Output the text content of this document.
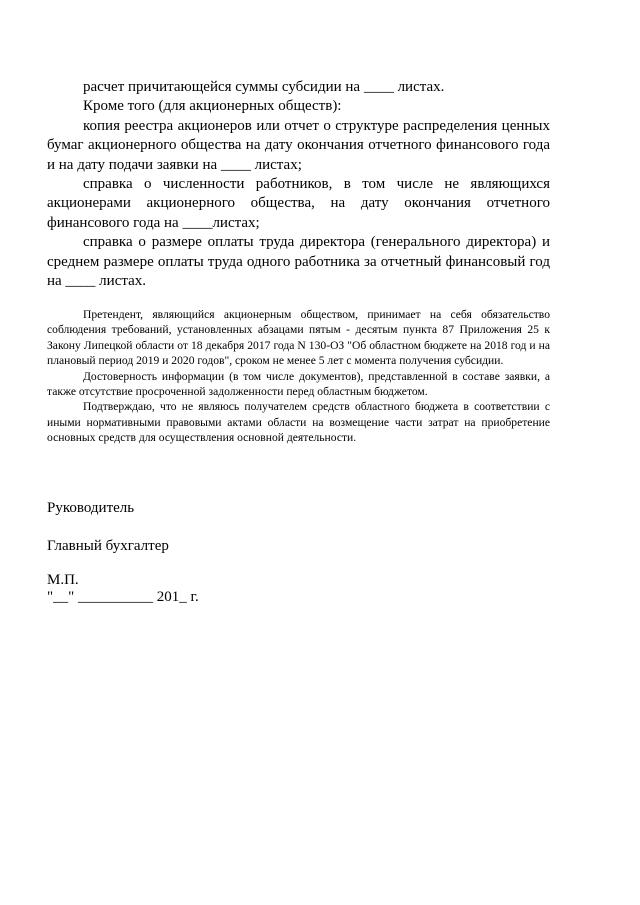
расчет причитающейся суммы субсидии на ____ листах.

Кроме того (для акционерных обществ):

копия реестра акционеров или отчет о структуре распределения ценных бумаг акционерного общества на дату окончания отчетного финансового года и на дату подачи заявки на ____ листах;

справка о численности работников, в том числе не являющихся акционерами акционерного общества, на дату окончания отчетного финансового года на ____листах;

справка о размере оплаты труда директора (генерального директора) и среднем размере оплаты труда одного работника за отчетный финансовый год на ____ листах.

Претендент, являющийся акционерным обществом, принимает на себя обязательство соблюдения требований, установленных абзацами пятым - десятым пункта 87 Приложения 25 к Закону Липецкой области от 18 декабря 2017 года N 130-ОЗ "Об областном бюджете на 2018 год и на плановый период 2019 и 2020 годов", сроком не менее 5 лет с момента получения субсидии.

Достоверность информации (в том числе документов), представленной в составе заявки, а также отсутствие просроченной задолженности перед областным бюджетом.

Подтверждаю, что не являюсь получателем средств областного бюджета в соответствии с иными нормативными правовыми актами области на возмещение части затрат на приобретение основных средств для осуществления основной деятельности.

Руководитель
Главный бухгалтер
М.П.
"__" __________ 201_ г.
